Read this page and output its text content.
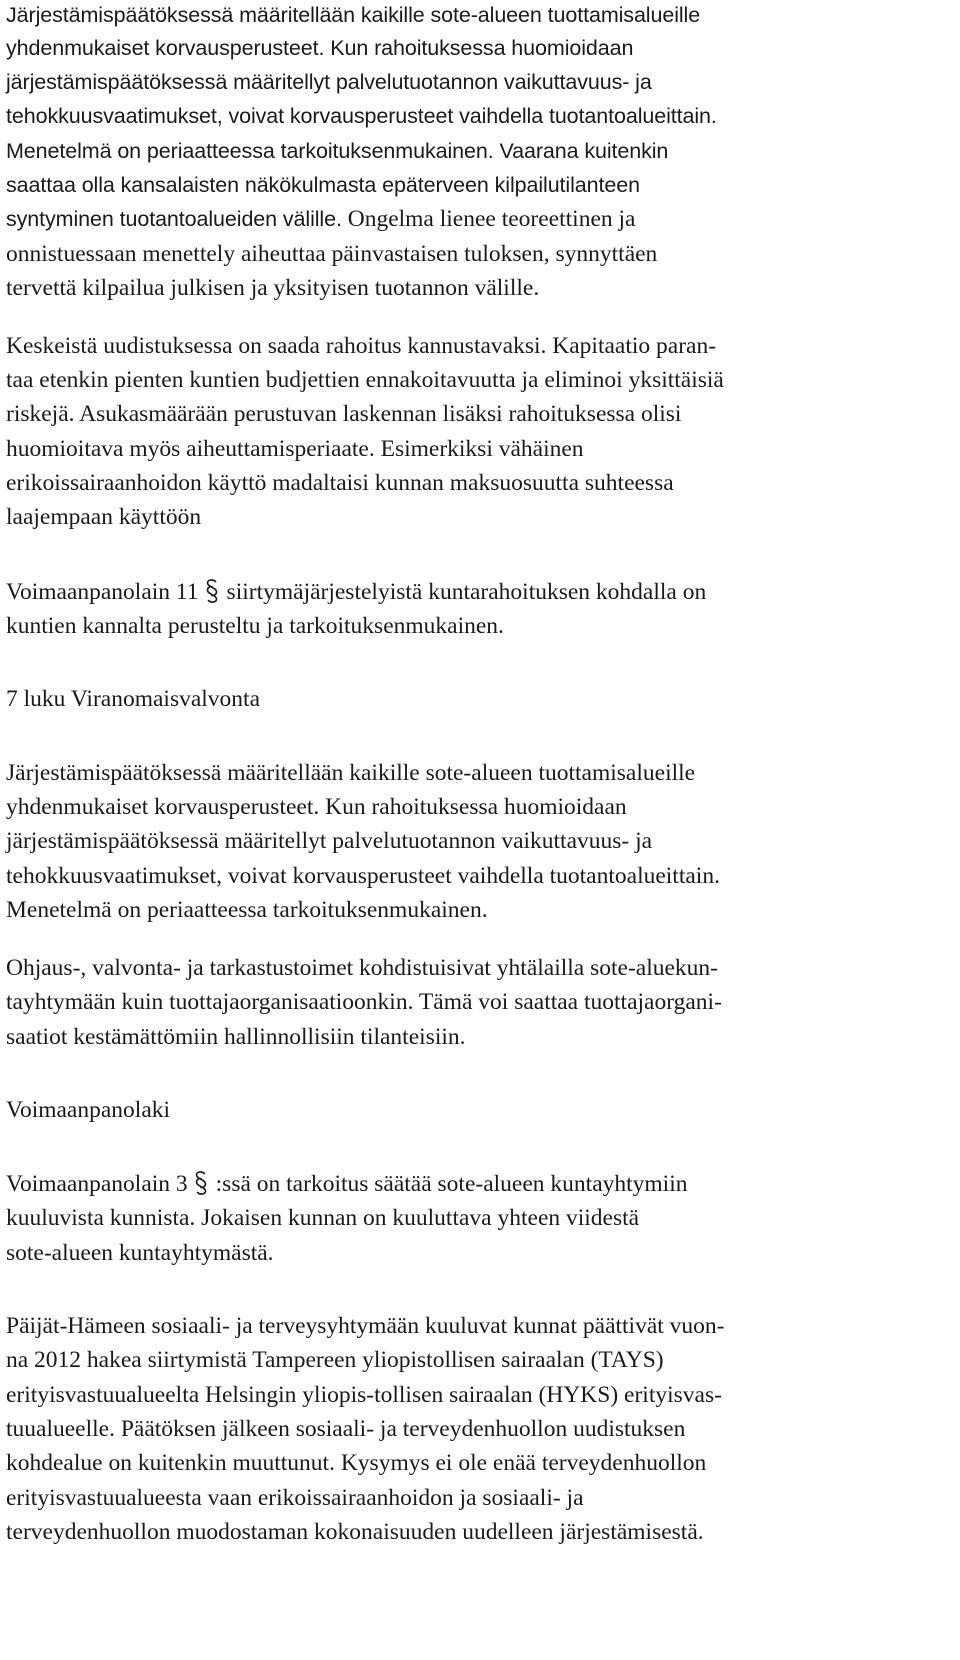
Järjestämispäätöksessä määritellään kaikille sote-alueen tuottamisalueille
yhdenmukaiset korvausperusteet. Kun rahoituksessa huomioidaan
järjestämispäätöksessä määritellyt palvelutuotannon vaikuttavuus- ja
tehokkuusvaatimukset, voivat korvausperusteet vaihdella tuotantoalueittain.
Menetelmä on periaatteessa tarkoituksenmukainen. Vaarana kuitenkin
saattaa olla kansalaisten näkökulmasta epäterveen kilpailutilanteen
syntyminen tuotantoalueiden välille. Ongelma lienee teoreettinen ja
onnistuessaan menettely aiheuttaa päinvastaisen tuloksen, synnyttäen
tervettä kilpailua julkisen ja yksityisen tuotannon välille.
Keskeistä uudistuksessa on saada rahoitus kannustavaksi. Kapitaatio paran-
taa etenkin pienten kuntien budjettien ennakoitavuutta ja eliminoi yksittäisiä
riskejä. Asukasmäärään perustuvan laskennan lisäksi rahoituksessa olisi
huomioitava myös aiheuttamisperiaate. Esimerkiksi vähäinen
erikoissairaanhoidon käyttö madaltaisi kunnan maksuosuutta suhteessa
laajempaan käyttöön
Voimaanpanolain 11 siirtymäjärjestelyistä kuntarahoituksen kohdalla on
kuntien kannalta perusteltu ja tarkoituksenmukainen.
7 luku Viranomaisvalvonta
Järjestämispäätöksessä määritellään kaikille sote-alueen tuottamisalueille
yhdenmukaiset korvausperusteet. Kun rahoituksessa huomioidaan
järjestämispäätöksessä määritellyt palvelutuotannon vaikuttavuus- ja
tehokkuusvaatimukset, voivat korvausperusteet vaihdella tuotantoalueittain.
Menetelmä on periaatteessa tarkoituksenmukainen.
Ohjaus-, valvonta- ja tarkastustoimet kohdistuisivat yhtälailla sote-aluekun-
tayhtymään kuin tuottajaorganisaatioonkin. Tämä voi saattaa tuottajaorgani-
saatiot kestämättömiin hallinnollisiin tilanteisiin.
Voimaanpanolaki
Voimaanpanolain 3 :ssä on tarkoitus säätää sote-alueen kuntayhtymiin
kuuluvista kunnista. Jokaisen kunnan on kuuluttava yhteen viidestä
sote-alueen kuntayhtymästä.
Päijät-Hämeen sosiaali- ja terveysyhtymään kuuluvat kunnat päättivät vuon-
na 2012 hakea siirtymistä Tampereen yliopistollisen sairaalan (TAYS)
erityisvastuualueelta Helsingin yliopis-tollisen sairaalan (HYKS) erityisvas-
tuualueelle. Päätöksen jälkeen sosiaali- ja terveydenhuollon uudistuksen
kohdealue on kuitenkin muuttunut. Kysymys ei ole enää terveydenhuollon
erityisvastuualueesta vaan erikoissairaanhoidon ja sosiaali- ja
terveydenhuollon muodostaman kokonaisuuden uudelleen järjestämisestä.
